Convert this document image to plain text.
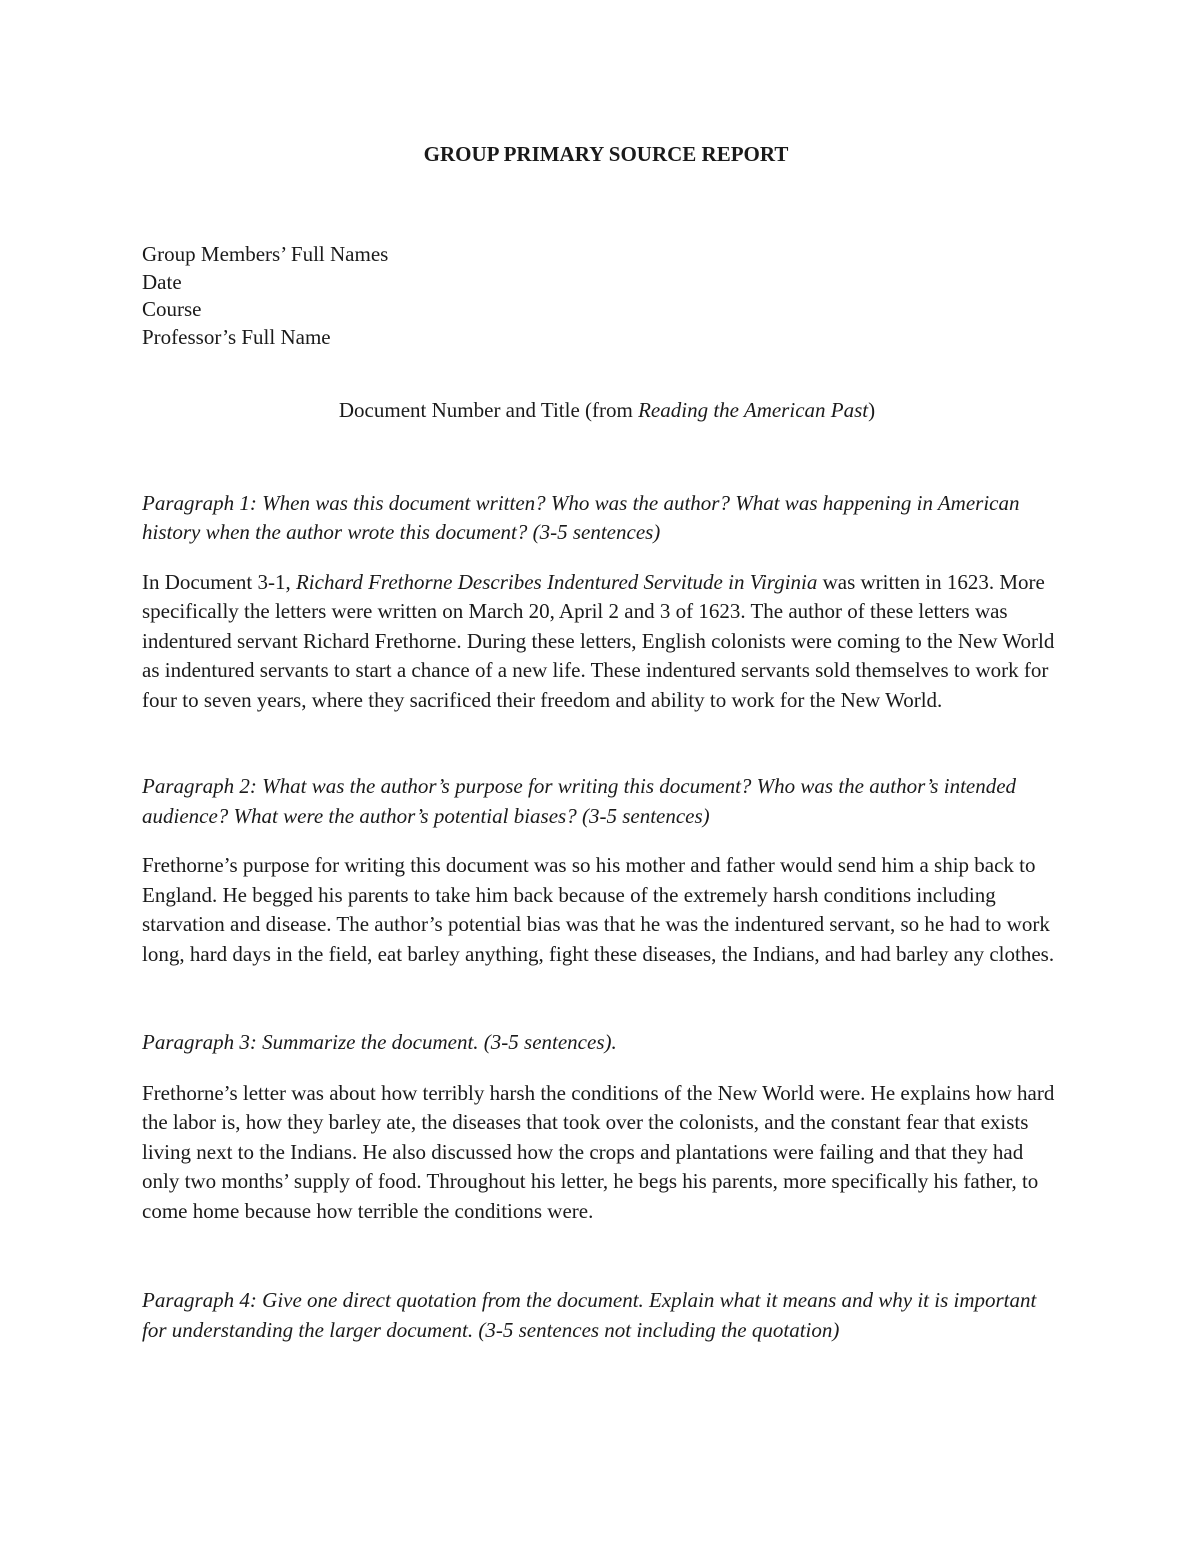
GROUP PRIMARY SOURCE REPORT
Group Members’ Full Names
Date
Course
Professor’s Full Name
Document Number and Title (from Reading the American Past)

Paragraph 1: When was this document written? Who was the author? What was happening in American history when the author wrote this document? (3-5 sentences)

In Document 3-1, Richard Frethorne Describes Indentured Servitude in Virginia was written in 1623. More specifically the letters were written on March 20, April 2 and 3 of 1623. The author of these letters was indentured servant Richard Frethorne. During these letters, English colonists were coming to the New World as indentured servants to start a chance of a new life. These indentured servants sold themselves to work for four to seven years, where they sacrificed their freedom and ability to work for the New World.

Paragraph 2: What was the author’s purpose for writing this document? Who was the author’s intended audience? What were the author’s potential biases? (3-5 sentences)

Frethorne’s purpose for writing this document was so his mother and father would send him a ship back to England. He begged his parents to take him back because of the extremely harsh conditions including starvation and disease. The author’s potential bias was that he was the indentured servant, so he had to work long, hard days in the field, eat barley anything, fight these diseases, the Indians, and had barley any clothes.

Paragraph 3: Summarize the document. (3-5 sentences).

Frethorne’s letter was about how terribly harsh the conditions of the New World were. He explains how hard the labor is, how they barley ate, the diseases that took over the colonists, and the constant fear that exists living next to the Indians. He also discussed how the crops and plantations were failing and that they had only two months’ supply of food. Throughout his letter, he begs his parents, more specifically his father, to come home because how terrible the conditions were.

Paragraph 4: Give one direct quotation from the document. Explain what it means and why it is important for understanding the larger document. (3-5 sentences not including the quotation)
